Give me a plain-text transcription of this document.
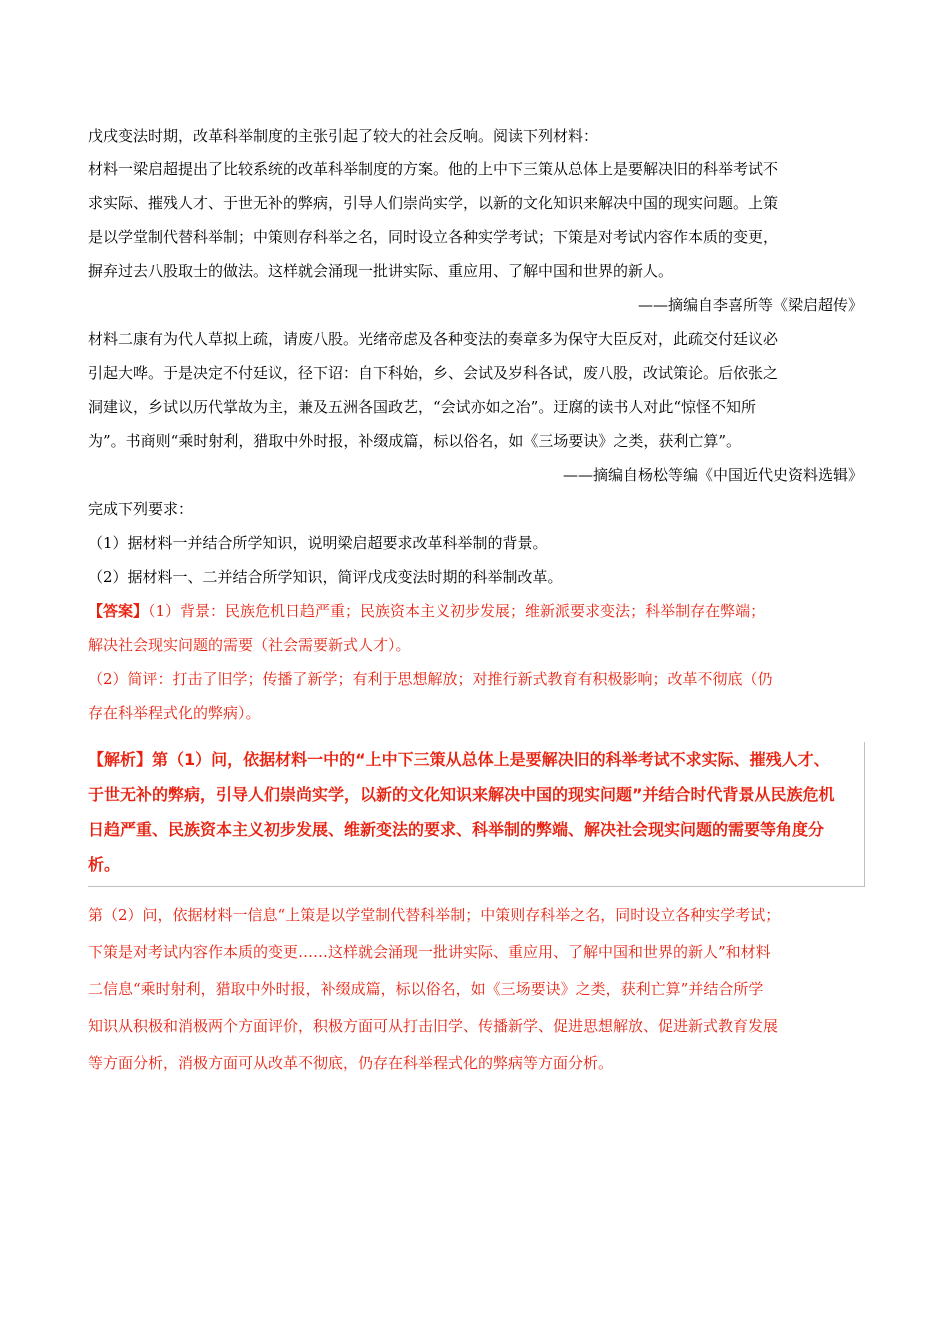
戊戌变法时期，改革科举制度的主张引起了较大的社会反响。阅读下列材料：
材料一梁启超提出了比较系统的改革科举制度的方案。他的上中下三策从总体上是要解决旧的科举考试不
求实际、摧残人才、于世无补的弊病，引导人们崇尚实学，以新的文化知识来解决中国的现实问题。上策
是以学堂制代替科举制；中策则存科举之名，同时设立各种实学考试；下策是对考试内容作本质的变更，
摒弃过去八股取士的做法。这样就会涌现一批讲实际、重应用、了解中国和世界的新人。
——摘编自李喜所等《梁启超传》
材料二康有为代人草拟上疏，请废八股。光绪帝虑及各种变法的奏章多为保守大臣反对，此疏交付廷议必
引起大哗。于是决定不付廷议，径下诏：自下科始，乡、会试及岁科各试，废八股，改试策论。后依张之
洞建议，乡试以历代掌故为主，兼及五洲各国政艺，“会试亦如之冶”。迂腐的读书人对此“惊怪不知所
为”。书商则“乘时射利，猎取中外时报，补缀成篇，标以俗名，如《三场要诀》之类，获利亡算”。
——摘编自杨松等编《中国近代史资料选辑》
完成下列要求：
（1）据材料一并结合所学知识，说明梁启超要求改革科举制的背景。
（2）据材料一、二并结合所学知识，简评戊戌变法时期的科举制改革。
【答案】（1）背景：民族危机日趋严重；民族资本主义初步发展；维新派要求变法；科举制存在弊端；
解决社会现实问题的需要（社会需要新式人才）。
（2）简评：打击了旧学；传播了新学；有利于思想解放；对推行新式教育有积极影响；改革不彻底（仍
存在科举程式化的弊病）。
【解析】第（1）问，依据材料一中的“上中下三策从总体上是要解决旧的科举考试不求实际、摧残人才、
于世无补的弊病，引导人们崇尚实学，以新的文化知识来解决中国的现实问题”并结合时代背景从民族危机
日趋严重、民族资本主义初步发展、维新变法的要求、科举制的弊端、解决社会现实问题的需要等角度分
析。
第（2）问，依据材料一信息“上策是以学堂制代替科举制；中策则存科举之名，同时设立各种实学考试；
下策是对考试内容作本质的变更……这样就会涌现一批讲实际、重应用、了解中国和世界的新人”和材料
二信息“乘时射利，猎取中外时报，补缀成篇，标以俗名，如《三场要诀》之类，获利亡算”并结合所学
知识从积极和消极两个方面评价，积极方面可从打击旧学、传播新学、促进思想解放、促进新式教育发展
等方面分析，消极方面可从改革不彻底，仍存在科举程式化的弊病等方面分析。
